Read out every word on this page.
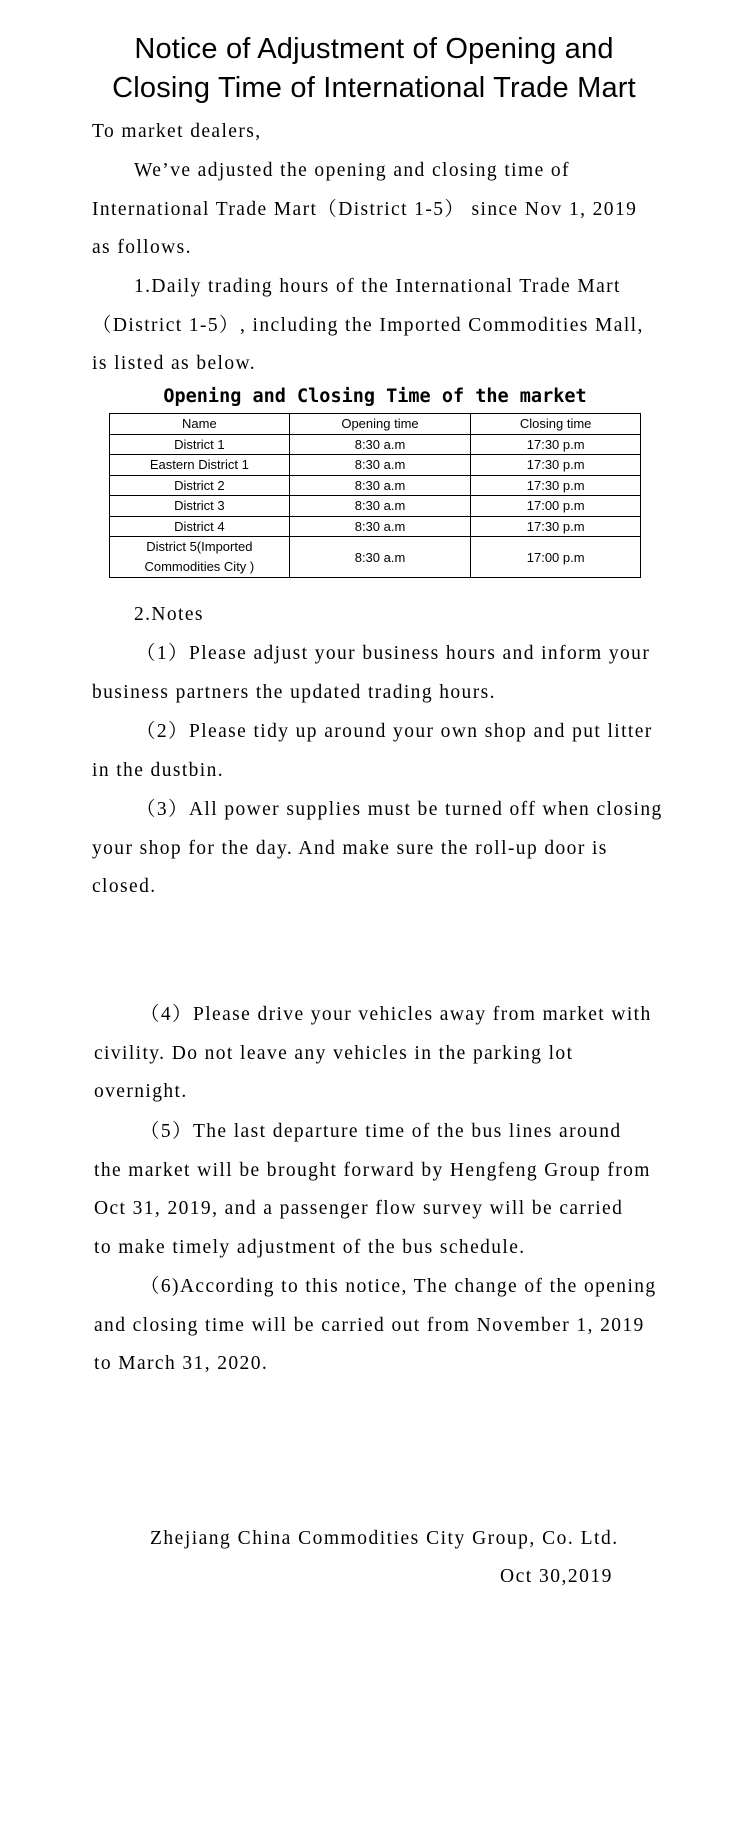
Notice of Adjustment of Opening and
Closing Time of International Trade Mart

To market dealers,

We’ve adjusted the opening and closing time of
International Trade Mart（District 1-5） since Nov 1, 2019
as follows.

1.Daily trading hours of the International Trade Mart
（District 1-5）, including the Imported Commodities Mall,
is listed as below.

Opening and Closing Time of the market
Name	Opening time	Closing time
District 1	8:30 a.m	17:30 p.m
Eastern District 1	8:30 a.m	17:30 p.m
District 2	8:30 a.m	17:30 p.m
District 3	8:30 a.m	17:00 p.m
District 4	8:30 a.m	17:30 p.m

District 5(Imported
Commodities City )	8:30 a.m	17:00 p.m

2.Notes

（1）Please adjust your business hours and inform your
business partners the updated trading hours.

（2）Please tidy up around your own shop and put litter
in the dustbin.

（3）All power supplies must be turned off when closing
your shop for the day. And make sure the roll-up door is
closed.

（4）Please drive your vehicles away from market with
civility. Do not leave any vehicles in the parking lot
overnight.

（5）The last departure time of the bus lines around
the market will be brought forward by Hengfeng Group from
Oct 31, 2019, and a passenger flow survey will be carried
to make timely adjustment of the bus schedule.

（6)According to this notice, The change of the opening
and closing time will be carried out from November 1, 2019
to March 31, 2020.

Zhejiang China Commodities City Group, Co. Ltd.
Oct 30,2019
